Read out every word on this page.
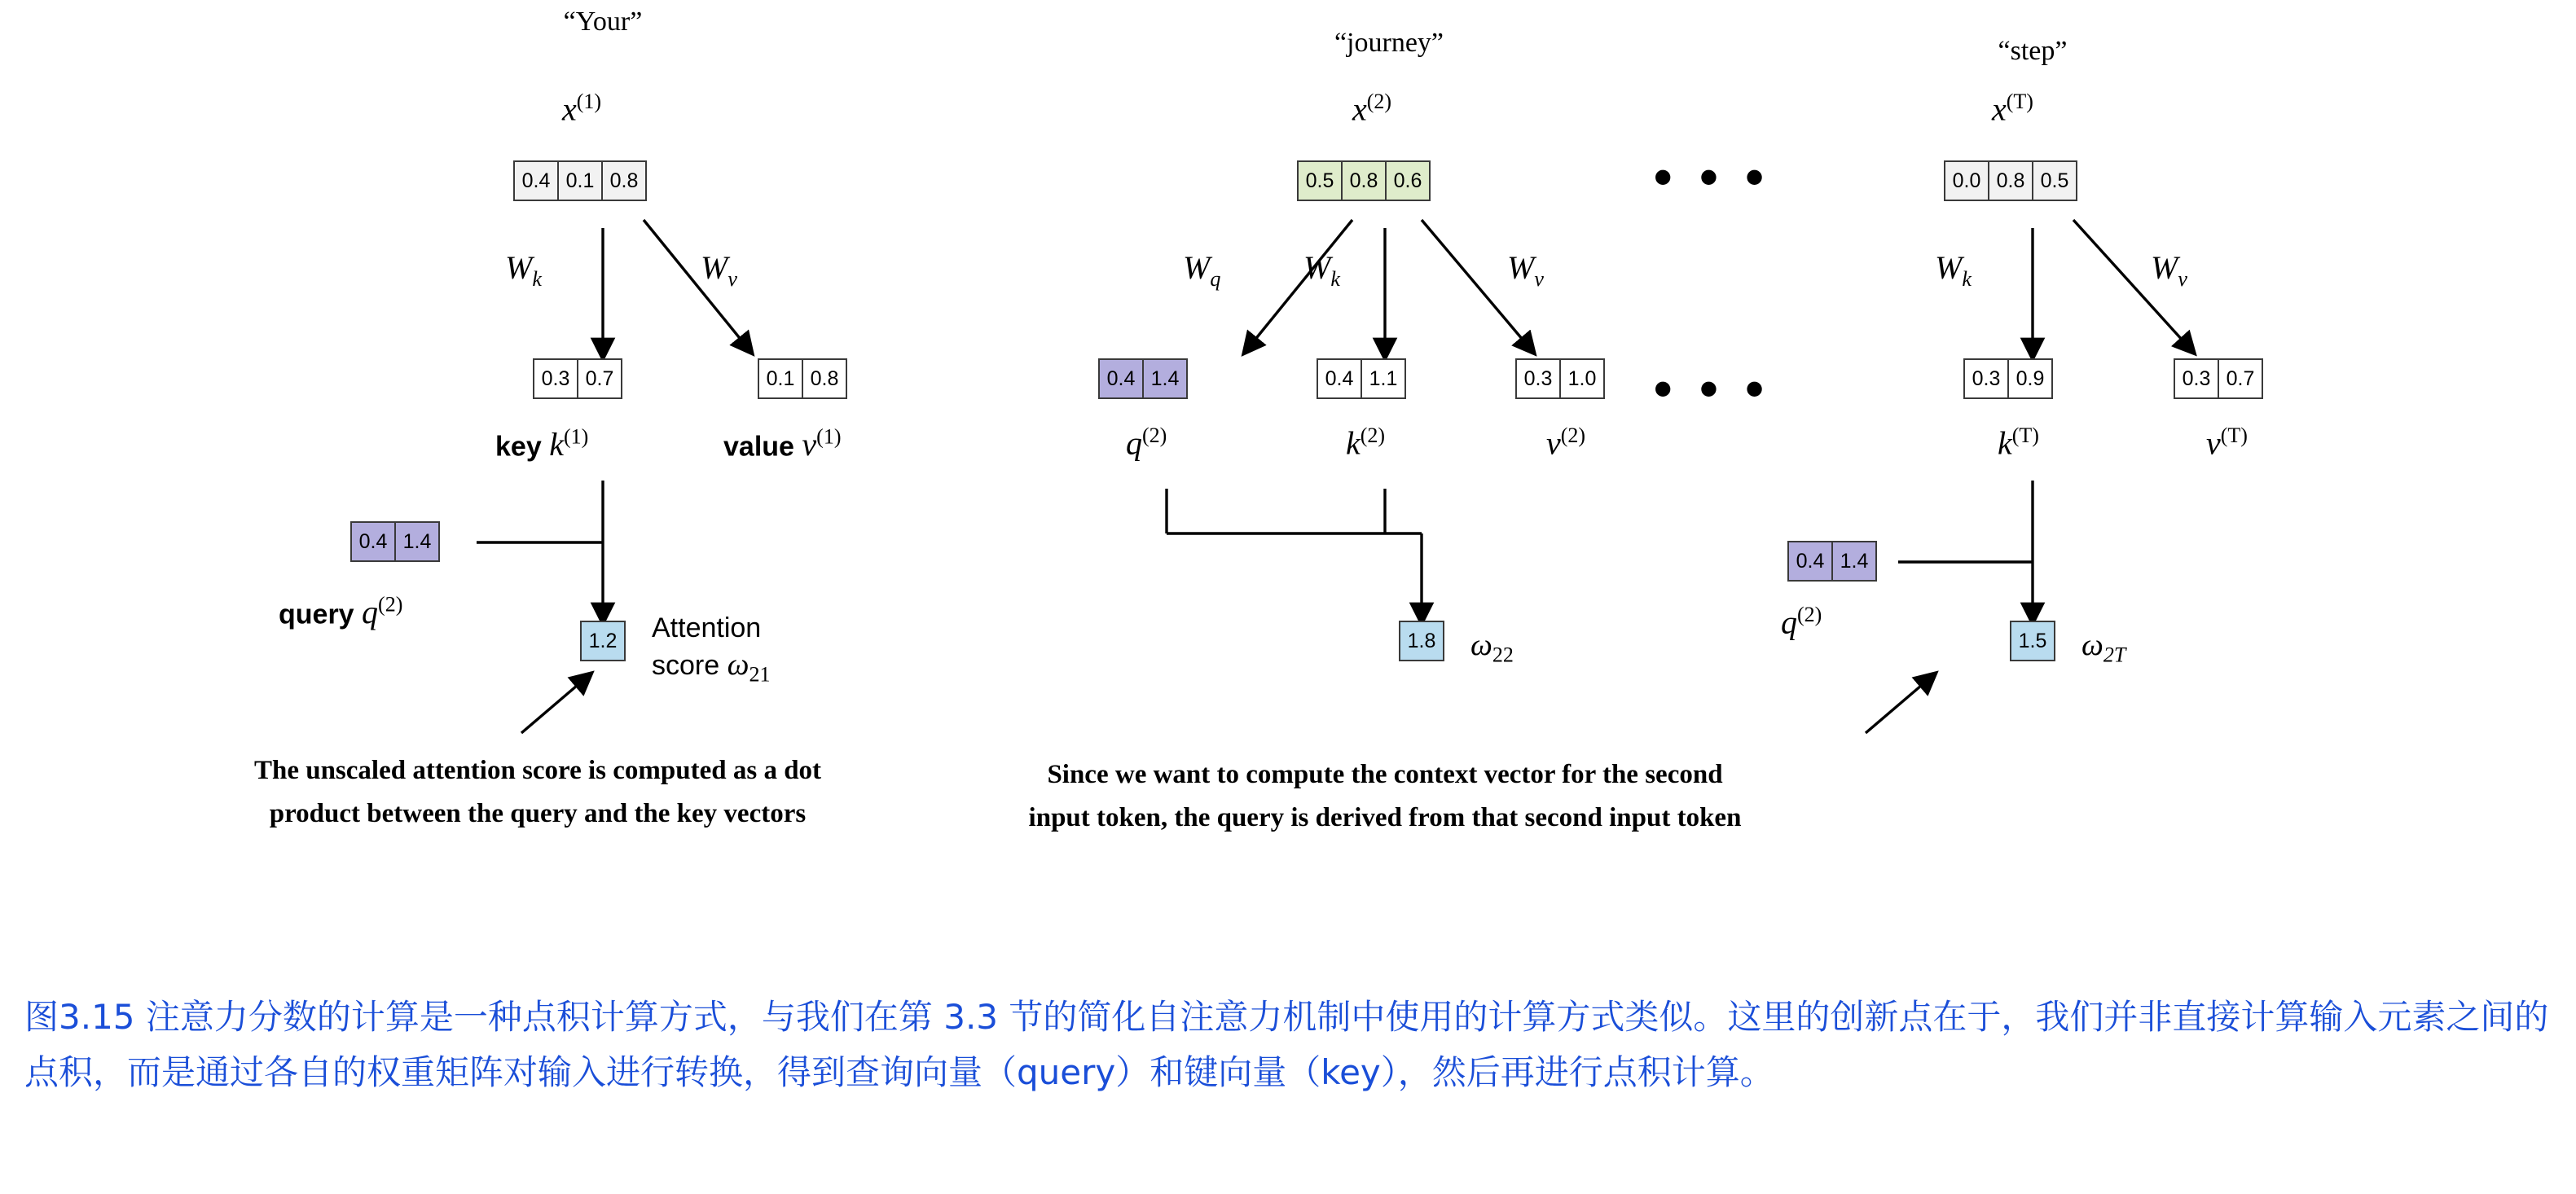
“Your”
$x^{(1)}$
0.4 0.1 0.8
$W_k$	$W_v$
0.3 0.7	0.1 0.8
key $k^{(1)}$	value $v^{(1)}$
0.4 1.4
query $q^{(2)}$
1.2	Attention
score $\omega_{21}$
The unscaled attention score is computed as a dot
product between the query and the key vectors
“journey”
$x^{(2)}$
0.5 0.8 0.6
$W_q$	$W_k$	$W_v$
0.4 1.4	0.4 1.1	0.3 1.0
$q^{(2)}$	$k^{(2)}$	$v^{(2)}$
1.8 $\omega_{22}$
Since we want to compute the context vector for the second
input token, the query is derived from that second input token
• • •
• • •
“step”
$x^{(T)}$
0.0 0.8 0.5
$W_k$	$W_v$
0.3 0.9	0.3 0.7
$k^{(T)}$	$v^{(T)}$
0.4 1.4
$q^{(2)}$
1.5 $\omega_{2T}$
图3.15 注意力分数的计算是一种点积计算方式，与我们在第 3.3 节的简化自注意力机制中使用的计算方式类似。这里的创新点在于，我们并非直接计算输入元素之间的点积，而是通过各自的权重矩阵对输入进行转换，得到查询向量（query）和键向量（key），然后再进行点积计算。
